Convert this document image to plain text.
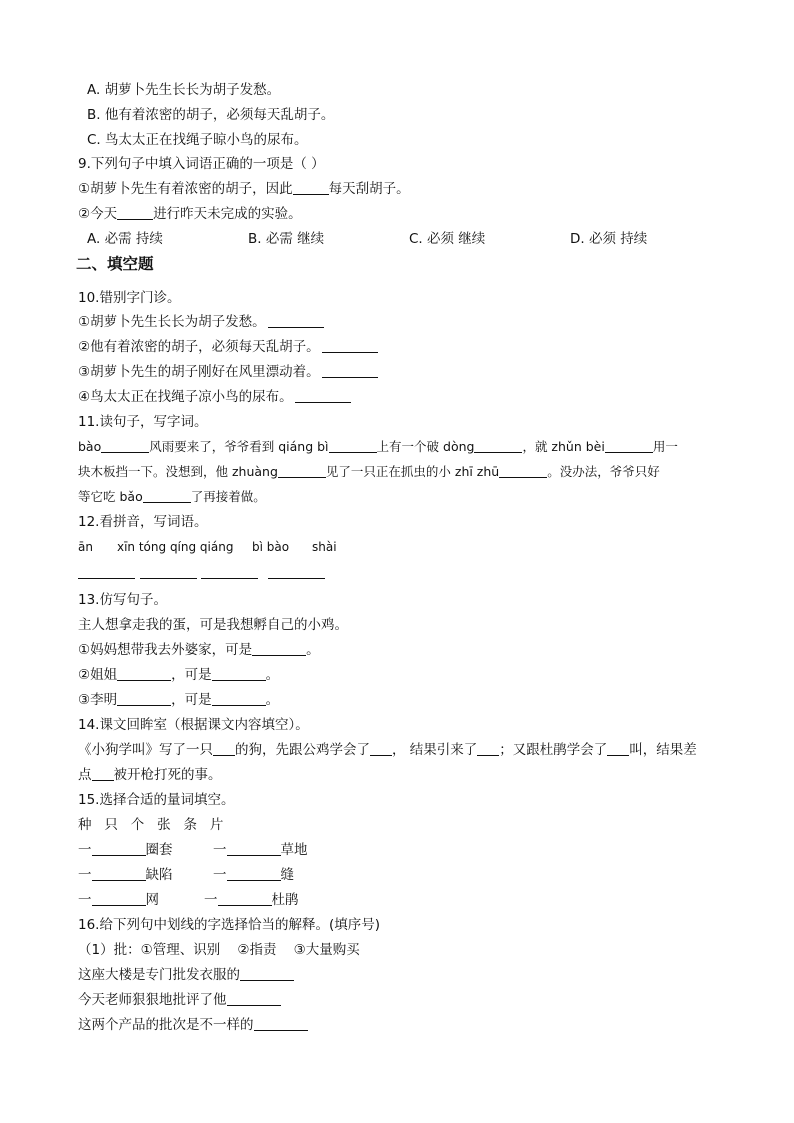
A. 胡萝卜先生长长为胡子发愁。
B. 他有着浓密的胡子，必须每天乱胡子。
C. 鸟太太正在找绳子晾小鸟的尿布。
9.下列句子中填入词语正确的一项是（ ）
①胡萝卜先生有着浓密的胡子，因此	每天刮胡子。
②今天	进行昨天未完成的实验。
A. 必需 持续	B. 必需 继续	C. 必须 继续	D. 必须 持续
二、填空题
10.错别字门诊。
①胡萝卜先生长长为胡子发愁。
②他有着浓密的胡子，必须每天乱胡子。
③胡萝卜先生的胡子刚好在风里漂动着。
④鸟太太正在找绳子凉小鸟的尿布。
11.读句子，写字词。
bào	风雨要来了，爷爷看到 qiáng bì	上有一个破 dòng	，就 zhǔn bèi	用一
块木板挡一下。没想到，他 zhuàng	见了一只正在抓虫的小 zhī zhū	。没办法，爷爷只好
等它吃 bǎo	了再接着做。
12.看拼音，写词语。
ān xīn tóng qíng qiáng bì bào shài
13.仿写句子。
主人想拿走我的蛋，可是我想孵自己的小鸡。
①妈妈想带我去外婆家，可是	。
②姐姐	，可是	。
③李明	，可是	。
14.课文回眸室（根据课文内容填空）。
《小狗学叫》写了一只 的狗，先跟公鸡学会了 ， 结果引来了 ；又跟杜鹃学会了 叫，结果差
点 被开枪打死的事。
15.选择合适的量词填空。
种   只   个   张   条   片
一	圈套	一	草地
一	缺陷	一	缝
一	网	一	杜鹃
16.给下列句中划线的字选择恰当的解释。(填序号)
（1）批：①管理、识别    ②指责    ③大量购买
这座大楼是专门批发衣服的
今天老师狠狠地批评了他
这两个产品的批次是不一样的
